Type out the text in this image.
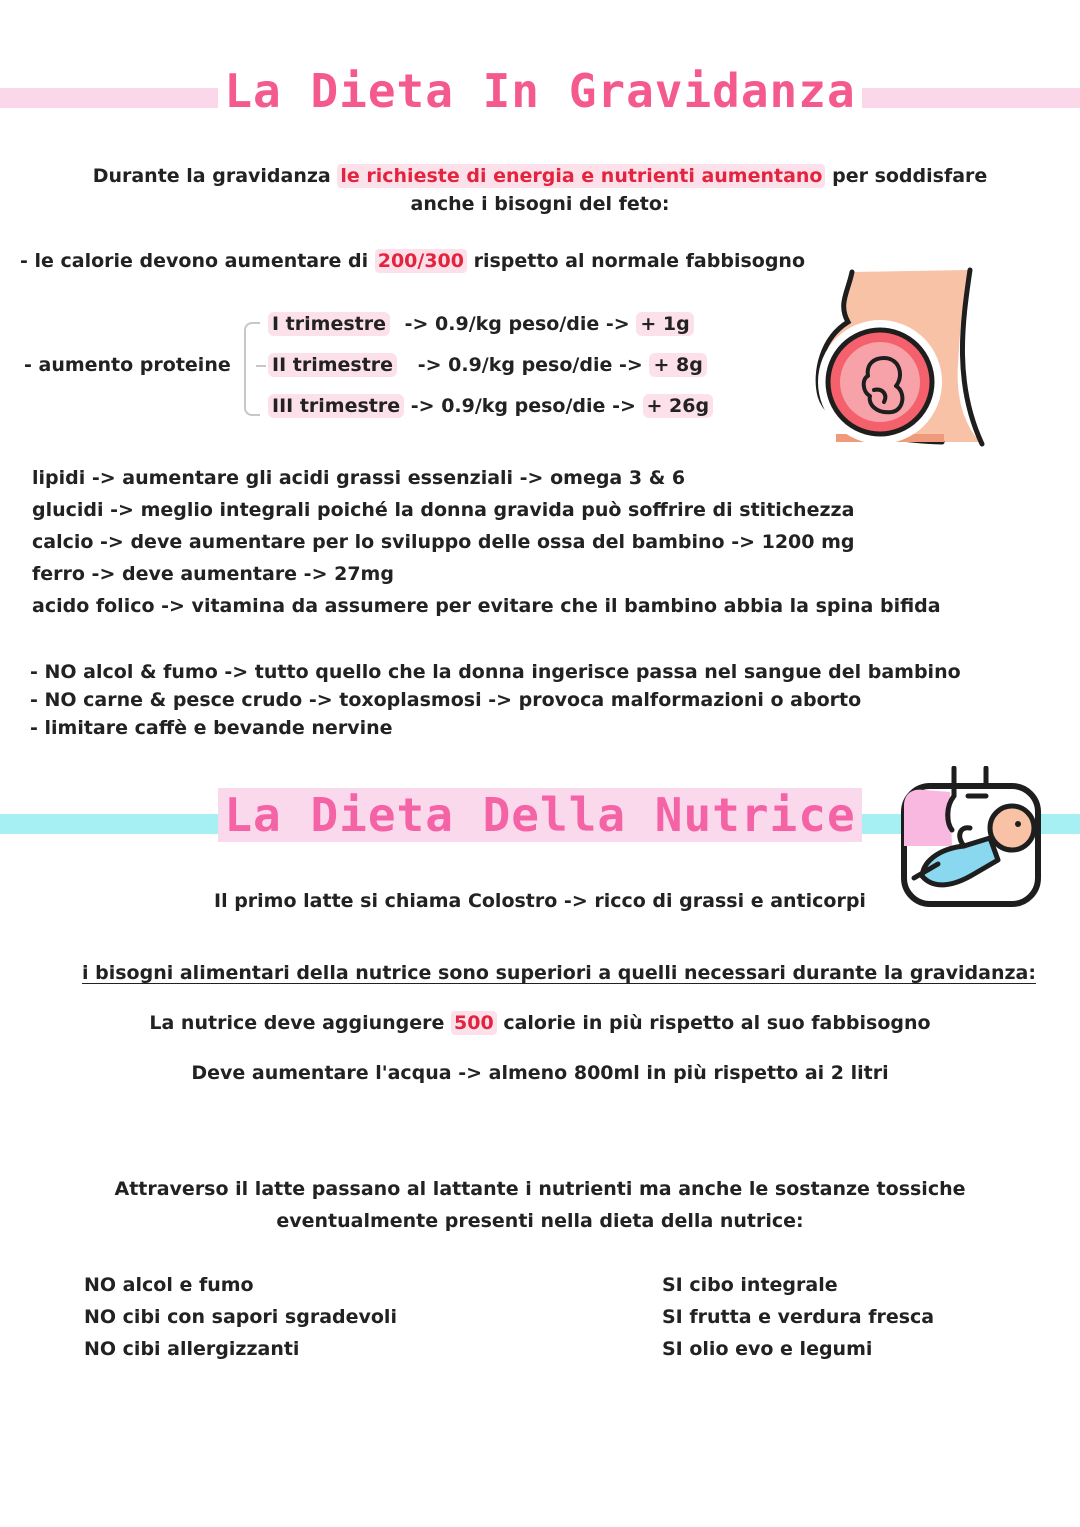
La Dieta In Gravidanza
Durante la gravidanza le richieste di energia e nutrienti aumentano per soddisfare
anche i bisogni del feto:
- le calorie devono aumentare di 200/300 rispetto al normale fabbisogno
- aumento proteine
I trimestre -> 0.9/kg peso/die -> + 1g
II trimestre -> 0.9/kg peso/die -> + 8g
III trimestre -> 0.9/kg peso/die -> + 26g
lipidi -> aumentare gli acidi grassi essenziali -> omega 3 & 6
glucidi -> meglio integrali poiché la donna gravida può soffrire di stitichezza
calcio -> deve aumentare per lo sviluppo delle ossa del bambino -> 1200 mg
ferro -> deve aumentare -> 27mg
acido folico -> vitamina da assumere per evitare che il bambino abbia la spina bifida
- NO alcol & fumo -> tutto quello che la donna ingerisce passa nel sangue del bambino
- NO carne & pesce crudo -> toxoplasmosi -> provoca malformazioni o aborto
- limitare caffè e bevande nervine
La Dieta Della Nutrice
Il primo latte si chiama Colostro -> ricco di grassi e anticorpi
i bisogni alimentari della nutrice sono superiori a quelli necessari durante la gravidanza:
La nutrice deve aggiungere 500 calorie in più rispetto al suo fabbisogno
Deve aumentare l'acqua -> almeno 800ml in più rispetto ai 2 litri
Attraverso il latte passano al lattante i nutrienti ma anche le sostanze tossiche
eventualmente presenti nella dieta della nutrice:
NO alcol e fumo
NO cibi con sapori sgradevoli
NO cibi allergizzanti
SI cibo integrale
SI frutta e verdura fresca
SI olio evo e legumi
